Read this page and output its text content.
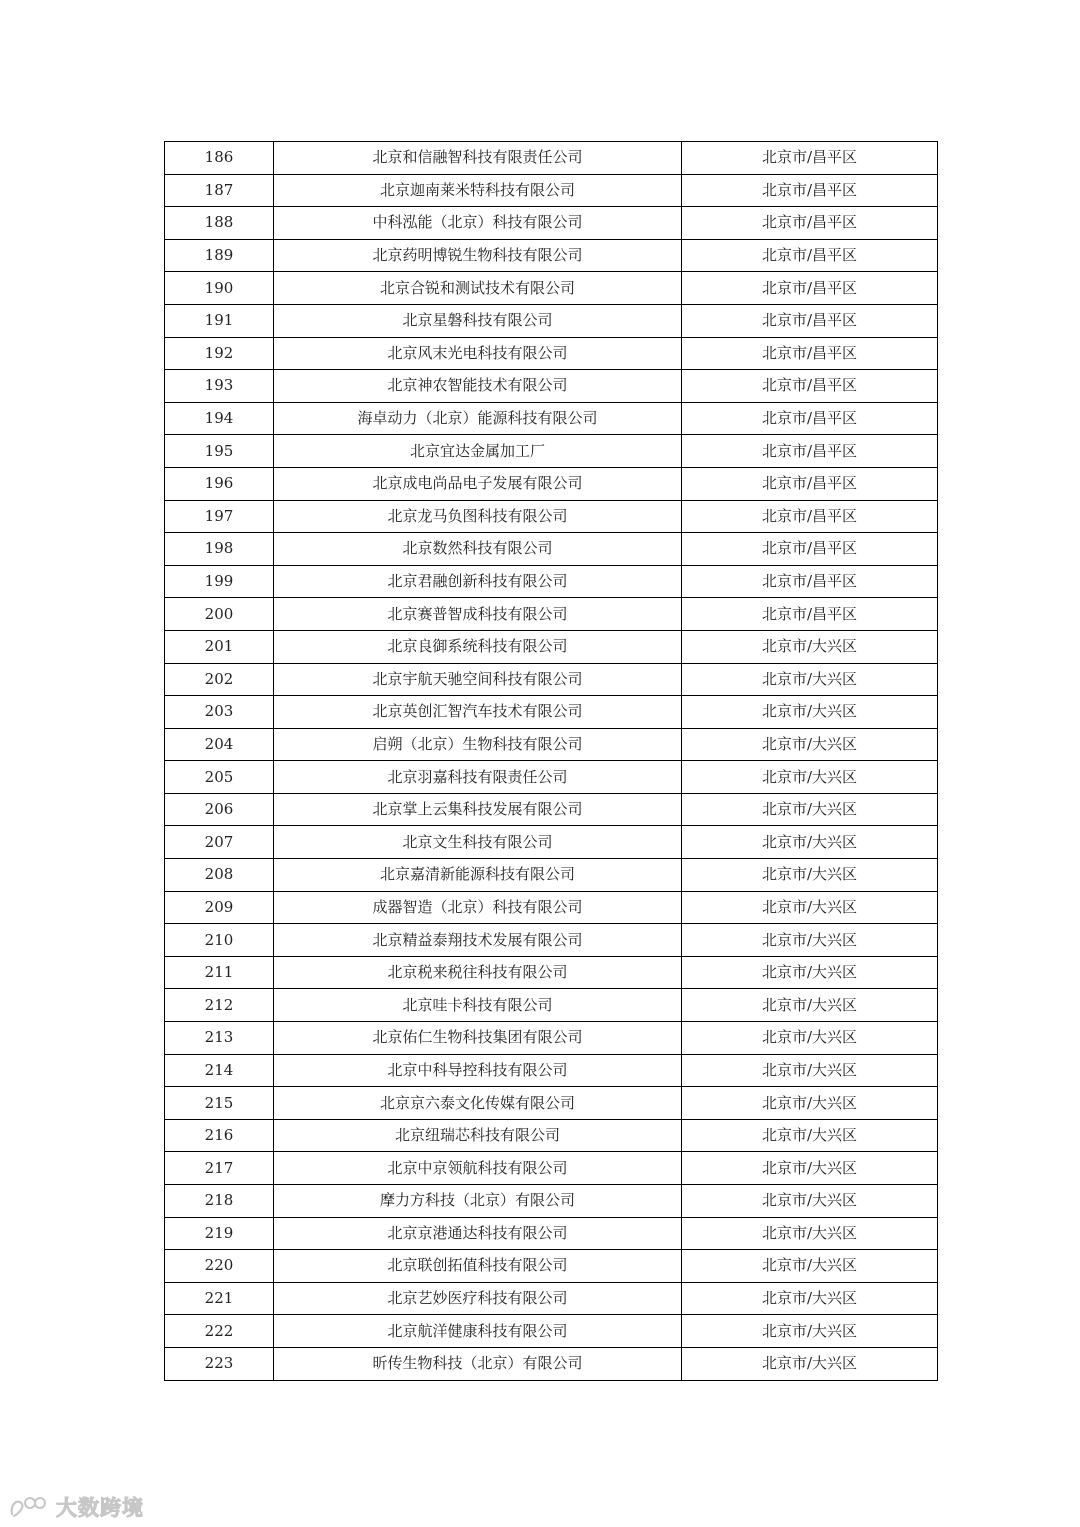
186	北京和信融智科技有限责任公司	北京市/昌平区
187	北京迦南莱米特科技有限公司	北京市/昌平区
188	中科泓能（北京）科技有限公司	北京市/昌平区
189	北京药明博锐生物科技有限公司	北京市/昌平区
190	北京合锐和测试技术有限公司	北京市/昌平区
191	北京星磐科技有限公司	北京市/昌平区
192	北京风末光电科技有限公司	北京市/昌平区
193	北京神农智能技术有限公司	北京市/昌平区
194	海卓动力（北京）能源科技有限公司	北京市/昌平区
195	北京宜达金属加工厂	北京市/昌平区
196	北京成电尚品电子发展有限公司	北京市/昌平区
197	北京龙马负图科技有限公司	北京市/昌平区
198	北京数然科技有限公司	北京市/昌平区
199	北京君融创新科技有限公司	北京市/昌平区
200	北京赛普智成科技有限公司	北京市/昌平区
201	北京良御系统科技有限公司	北京市/大兴区
202	北京宇航天驰空间科技有限公司	北京市/大兴区
203	北京英创汇智汽车技术有限公司	北京市/大兴区
204	启朔（北京）生物科技有限公司	北京市/大兴区
205	北京羽嘉科技有限责任公司	北京市/大兴区
206	北京掌上云集科技发展有限公司	北京市/大兴区
207	北京文生科技有限公司	北京市/大兴区
208	北京嘉清新能源科技有限公司	北京市/大兴区
209	成器智造（北京）科技有限公司	北京市/大兴区
210	北京精益泰翔技术发展有限公司	北京市/大兴区
211	北京税来税往科技有限公司	北京市/大兴区
212	北京哇卡科技有限公司	北京市/大兴区
213	北京佑仁生物科技集团有限公司	北京市/大兴区
214	北京中科导控科技有限公司	北京市/大兴区
215	北京京六泰文化传媒有限公司	北京市/大兴区
216	北京纽瑞芯科技有限公司	北京市/大兴区
217	北京中京领航科技有限公司	北京市/大兴区
218	摩力方科技（北京）有限公司	北京市/大兴区
219	北京京港通达科技有限公司	北京市/大兴区
220	北京联创拓值科技有限公司	北京市/大兴区
221	北京艺妙医疗科技有限公司	北京市/大兴区
222	北京航洋健康科技有限公司	北京市/大兴区
223	昕传生物科技（北京）有限公司	北京市/大兴区
大数跨境
